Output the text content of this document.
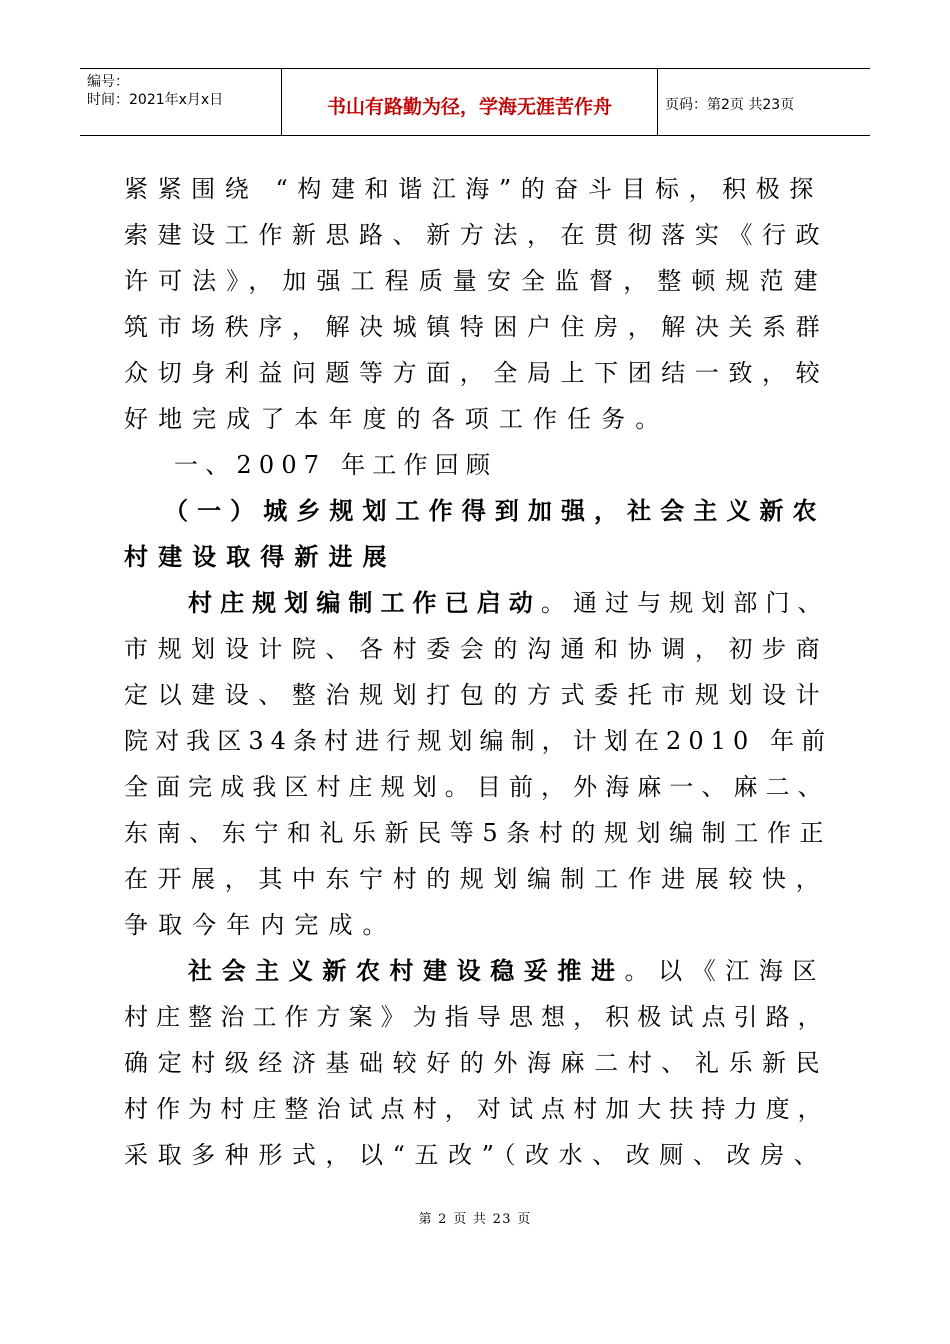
编号：
时间：2021年x月x日	书山有路勤为径，学海无涯苦作舟	页码：第2页 共23页
紧紧围绕 “构建和谐江海”的奋斗目标，积极探
索建设工作新思路、新方法，在贯彻落实《行政
许可法》，加强工程质量安全监督，整顿规范建
筑市场秩序，解决城镇特困户住房，解决关系群
众切身利益问题等方面，全局上下团结一致，较
好地完成了本年度的各项工作任务。
一、2007 年工作回顾
（一）城乡规划工作得到加强，社会主义新农
村建设取得新进展
村庄规划编制工作已启动。通过与规划部门、
市规划设计院、各村委会的沟通和协调，初步商
定以建设、整治规划打包的方式委托市规划设计
院对我区34条村进行规划编制，计划在2010 年前
全面完成我区村庄规划。目前，外海麻一、麻二、
东南、东宁和礼乐新民等5条村的规划编制工作正
在开展，其中东宁村的规划编制工作进展较快，
争取今年内完成。
社会主义新农村建设稳妥推进。以《江海区
村庄整治工作方案》为指导思想，积极试点引路，
确定村级经济基础较好的外海麻二村、礼乐新民
村作为村庄整治试点村，对试点村加大扶持力度，
采取多种形式，以“五改”（改水、改厕、改房、
第 2 页 共 23 页
